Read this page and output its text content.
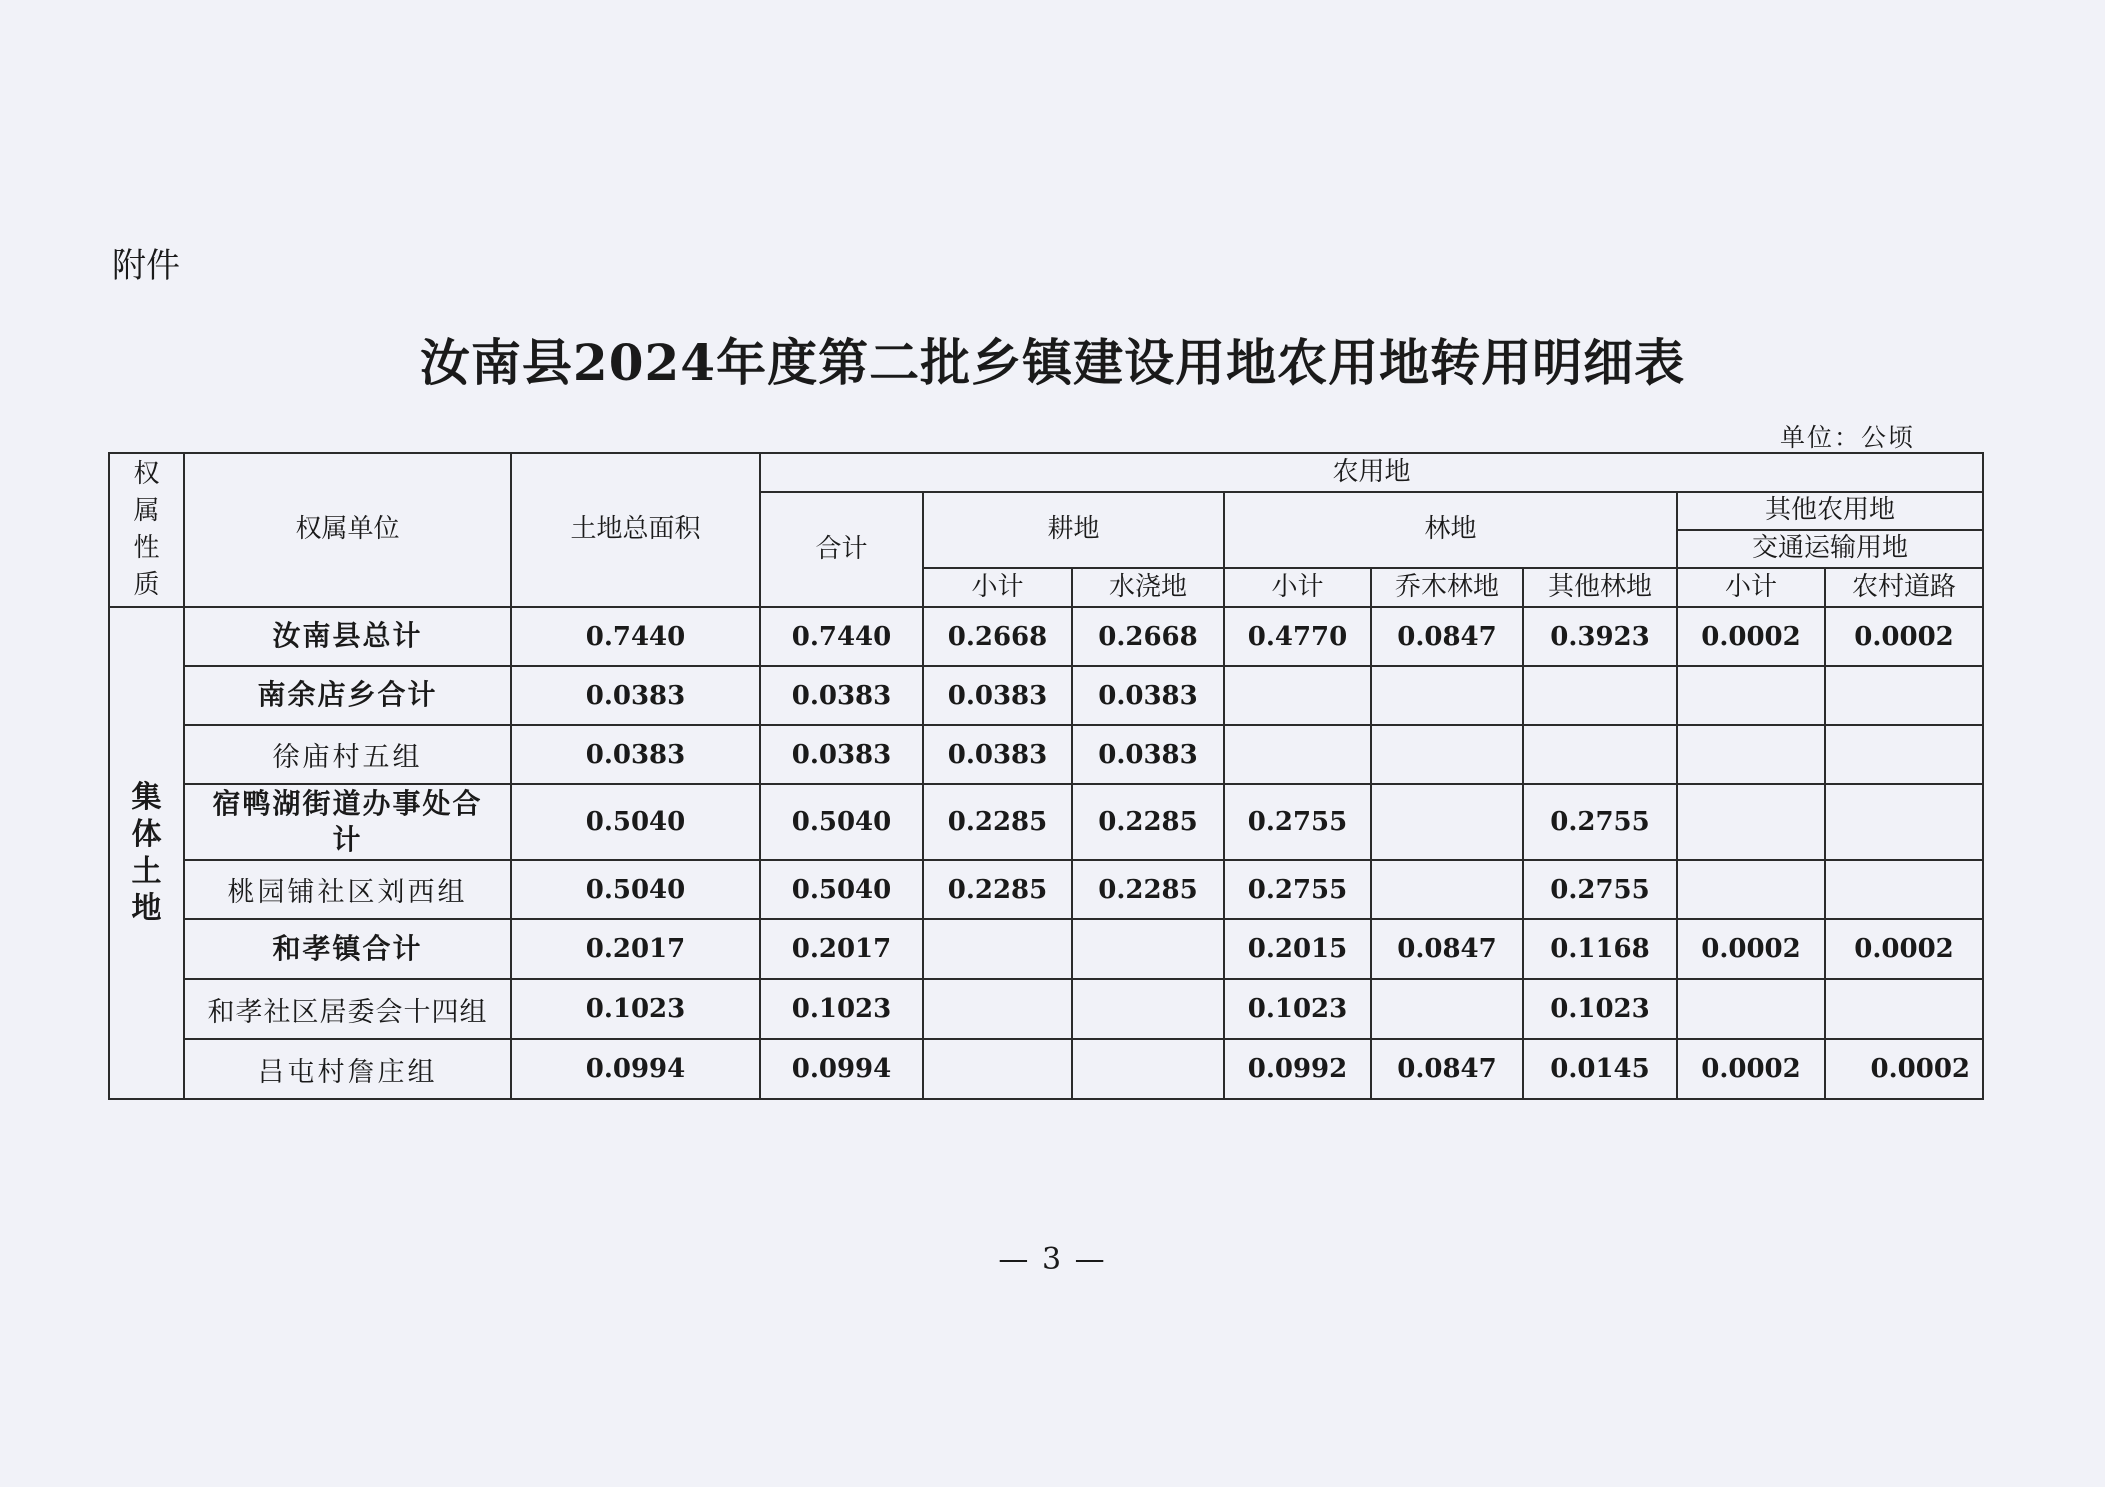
附件
汝南县2024年度第二批乡镇建设用地农用地转用明细表
单位：公顷
权
属
性
质	权属单位	土地总面积	农用地							
			合计	耕地		林地			其他农用地	
									交通运输用地	
				小计	水浇地	小计	乔木林地	其他林地	小计	农村道路

集
体
土
地	汝南县总计	0.7440	0.7440	0.2668	0.2668	0.4770	0.0847	0.3923	0.0002	0.0002
	南余店乡合计	0.0383	0.0383	0.0383	0.0383					
	徐庙村五组	0.0383	0.0383	0.0383	0.0383					
	宿鸭湖街道办事处合计	0.5040	0.5040	0.2285	0.2285	0.2755		0.2755		
	桃园铺社区刘西组	0.5040	0.5040	0.2285	0.2285	0.2755		0.2755		
	和孝镇合计	0.2017	0.2017			0.2015	0.0847	0.1168	0.0002	0.0002
	和孝社区居委会十四组	0.1023	0.1023			0.1023		0.1023		
	吕屯村詹庄组	0.0994	0.0994			0.0992	0.0847	0.0145	0.0002	0.0002
— 3 —
